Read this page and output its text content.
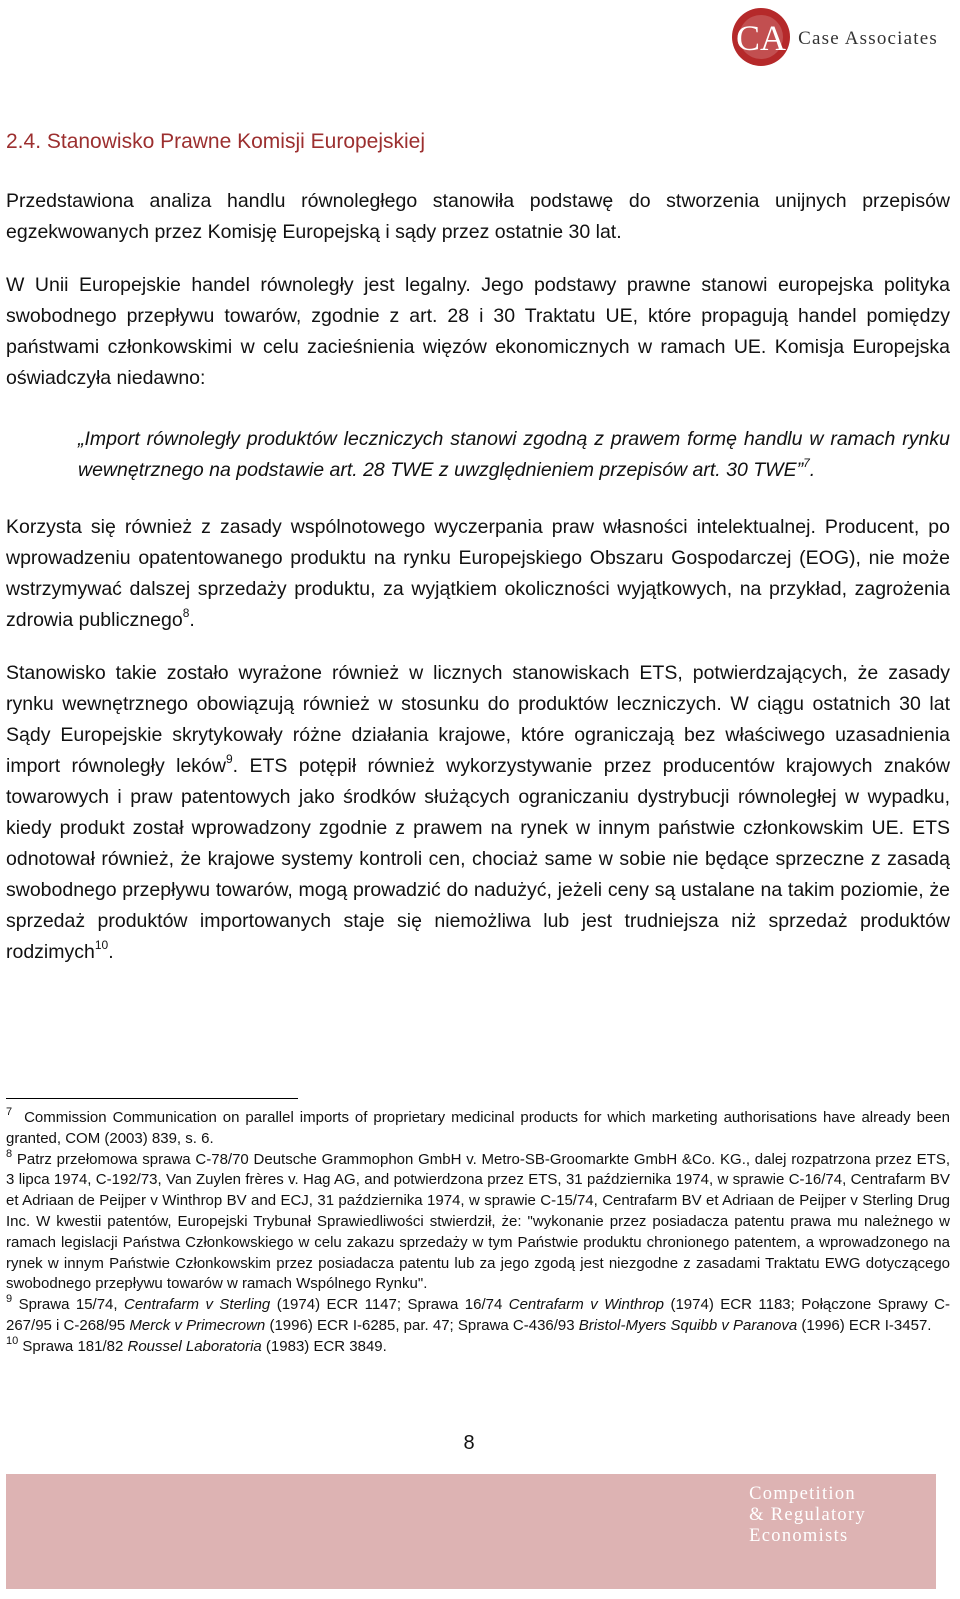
CA Case Associates
2.4. Stanowisko Prawne Komisji Europejskiej

Przedstawiona analiza handlu równoległego stanowiła podstawę do stworzenia unijnych przepisów egzekwowanych przez Komisję Europejską i sądy przez ostatnie 30 lat.

W Unii Europejskie handel równoległy jest legalny. Jego podstawy prawne stanowi europejska polityka swobodnego przepływu towarów, zgodnie z art. 28 i 30 Traktatu UE, które propagują handel pomiędzy państwami członkowskimi w celu zacieśnienia więzów ekonomicznych w ramach UE. Komisja Europejska oświadczyła niedawno:

„Import równoległy produktów leczniczych stanowi zgodną z prawem formę handlu w ramach rynku wewnętrznego na podstawie art. 28 TWE z uwzględnieniem przepisów art. 30 TWE”$^7$.

Korzysta się również z zasady wspólnotowego wyczerpania praw własności intelektualnej. Producent, po wprowadzeniu opatentowanego produktu na rynku Europejskiego Obszaru Gospodarczej (EOG), nie może wstrzymywać dalszej sprzedaży produktu, za wyjątkiem okoliczności wyjątkowych, na przykład, zagrożenia zdrowia publicznego$^8$.

Stanowisko takie zostało wyrażone również w licznych stanowiskach ETS, potwierdzających, że zasady rynku wewnętrznego obowiązują również w stosunku do produktów leczniczych. W ciągu ostatnich 30 lat Sądy Europejskie skrytykowały różne działania krajowe, które ograniczają bez właściwego uzasadnienia import równoległy leków$^9$. ETS potępił również wykorzystywanie przez producentów krajowych znaków towarowych i praw patentowych jako środków służących ograniczaniu dystrybucji równoległej w wypadku, kiedy produkt został wprowadzony zgodnie z prawem na rynek w innym państwie członkowskim UE. ETS odnotował również, że krajowe systemy kontroli cen, chociaż same w sobie nie będące sprzeczne z zasadą swobodnego przepływu towarów, mogą prowadzić do nadużyć, jeżeli ceny są ustalane na takim poziomie, że sprzedaż produktów importowanych staje się niemożliwa lub jest trudniejsza niż sprzedaż produktów rodzimych$^{10}$.

$^7$ Commission Communication on parallel imports of proprietary medicinal products for which marketing authorisations have already been granted, COM (2003) 839, s. 6.

$^8$ Patrz przełomowa sprawa C-78/70 Deutsche Grammophon GmbH v. Metro-SB-Groomarkte GmbH &Co. KG., dalej rozpatrzona przez ETS, 3 lipca 1974, C-192/73, Van Zuylen frères v. Hag AG, and potwierdzona przez ETS, 31 października 1974, w sprawie C-16/74, Centrafarm BV et Adriaan de Peijper v Winthrop BV and ECJ, 31 października 1974, w sprawie C-15/74, Centrafarm BV et Adriaan de Peijper v Sterling Drug Inc. W kwestii patentów, Europejski Trybunał Sprawiedliwości stwierdził, że: "wykonanie przez posiadacza patentu prawa mu należnego w ramach legislacji Państwa Członkowskiego w celu zakazu sprzedaży w tym Państwie produktu chronionego patentem, a wprowadzonego na rynek w innym Państwie Członkowskim przez posiadacza patentu lub za jego zgodą jest niezgodne z zasadami Traktatu EWG dotyczącego swobodnego przepływu towarów w ramach Wspólnego Rynku".

$^9$ Sprawa 15/74, Centrafarm v Sterling (1974) ECR 1147; Sprawa 16/74 Centrafarm v Winthrop (1974) ECR 1183; Połączone Sprawy C-267/95 i C-268/95 Merck v Primecrown (1996) ECR I-6285, par. 47; Sprawa C-436/93 Bristol-Myers Squibb v Paranova (1996) ECR I-3457.

$^{10}$ Sprawa 181/82 Roussel Laboratoria (1983) ECR 3849.

8
Competition
& Regulatory
Economists
